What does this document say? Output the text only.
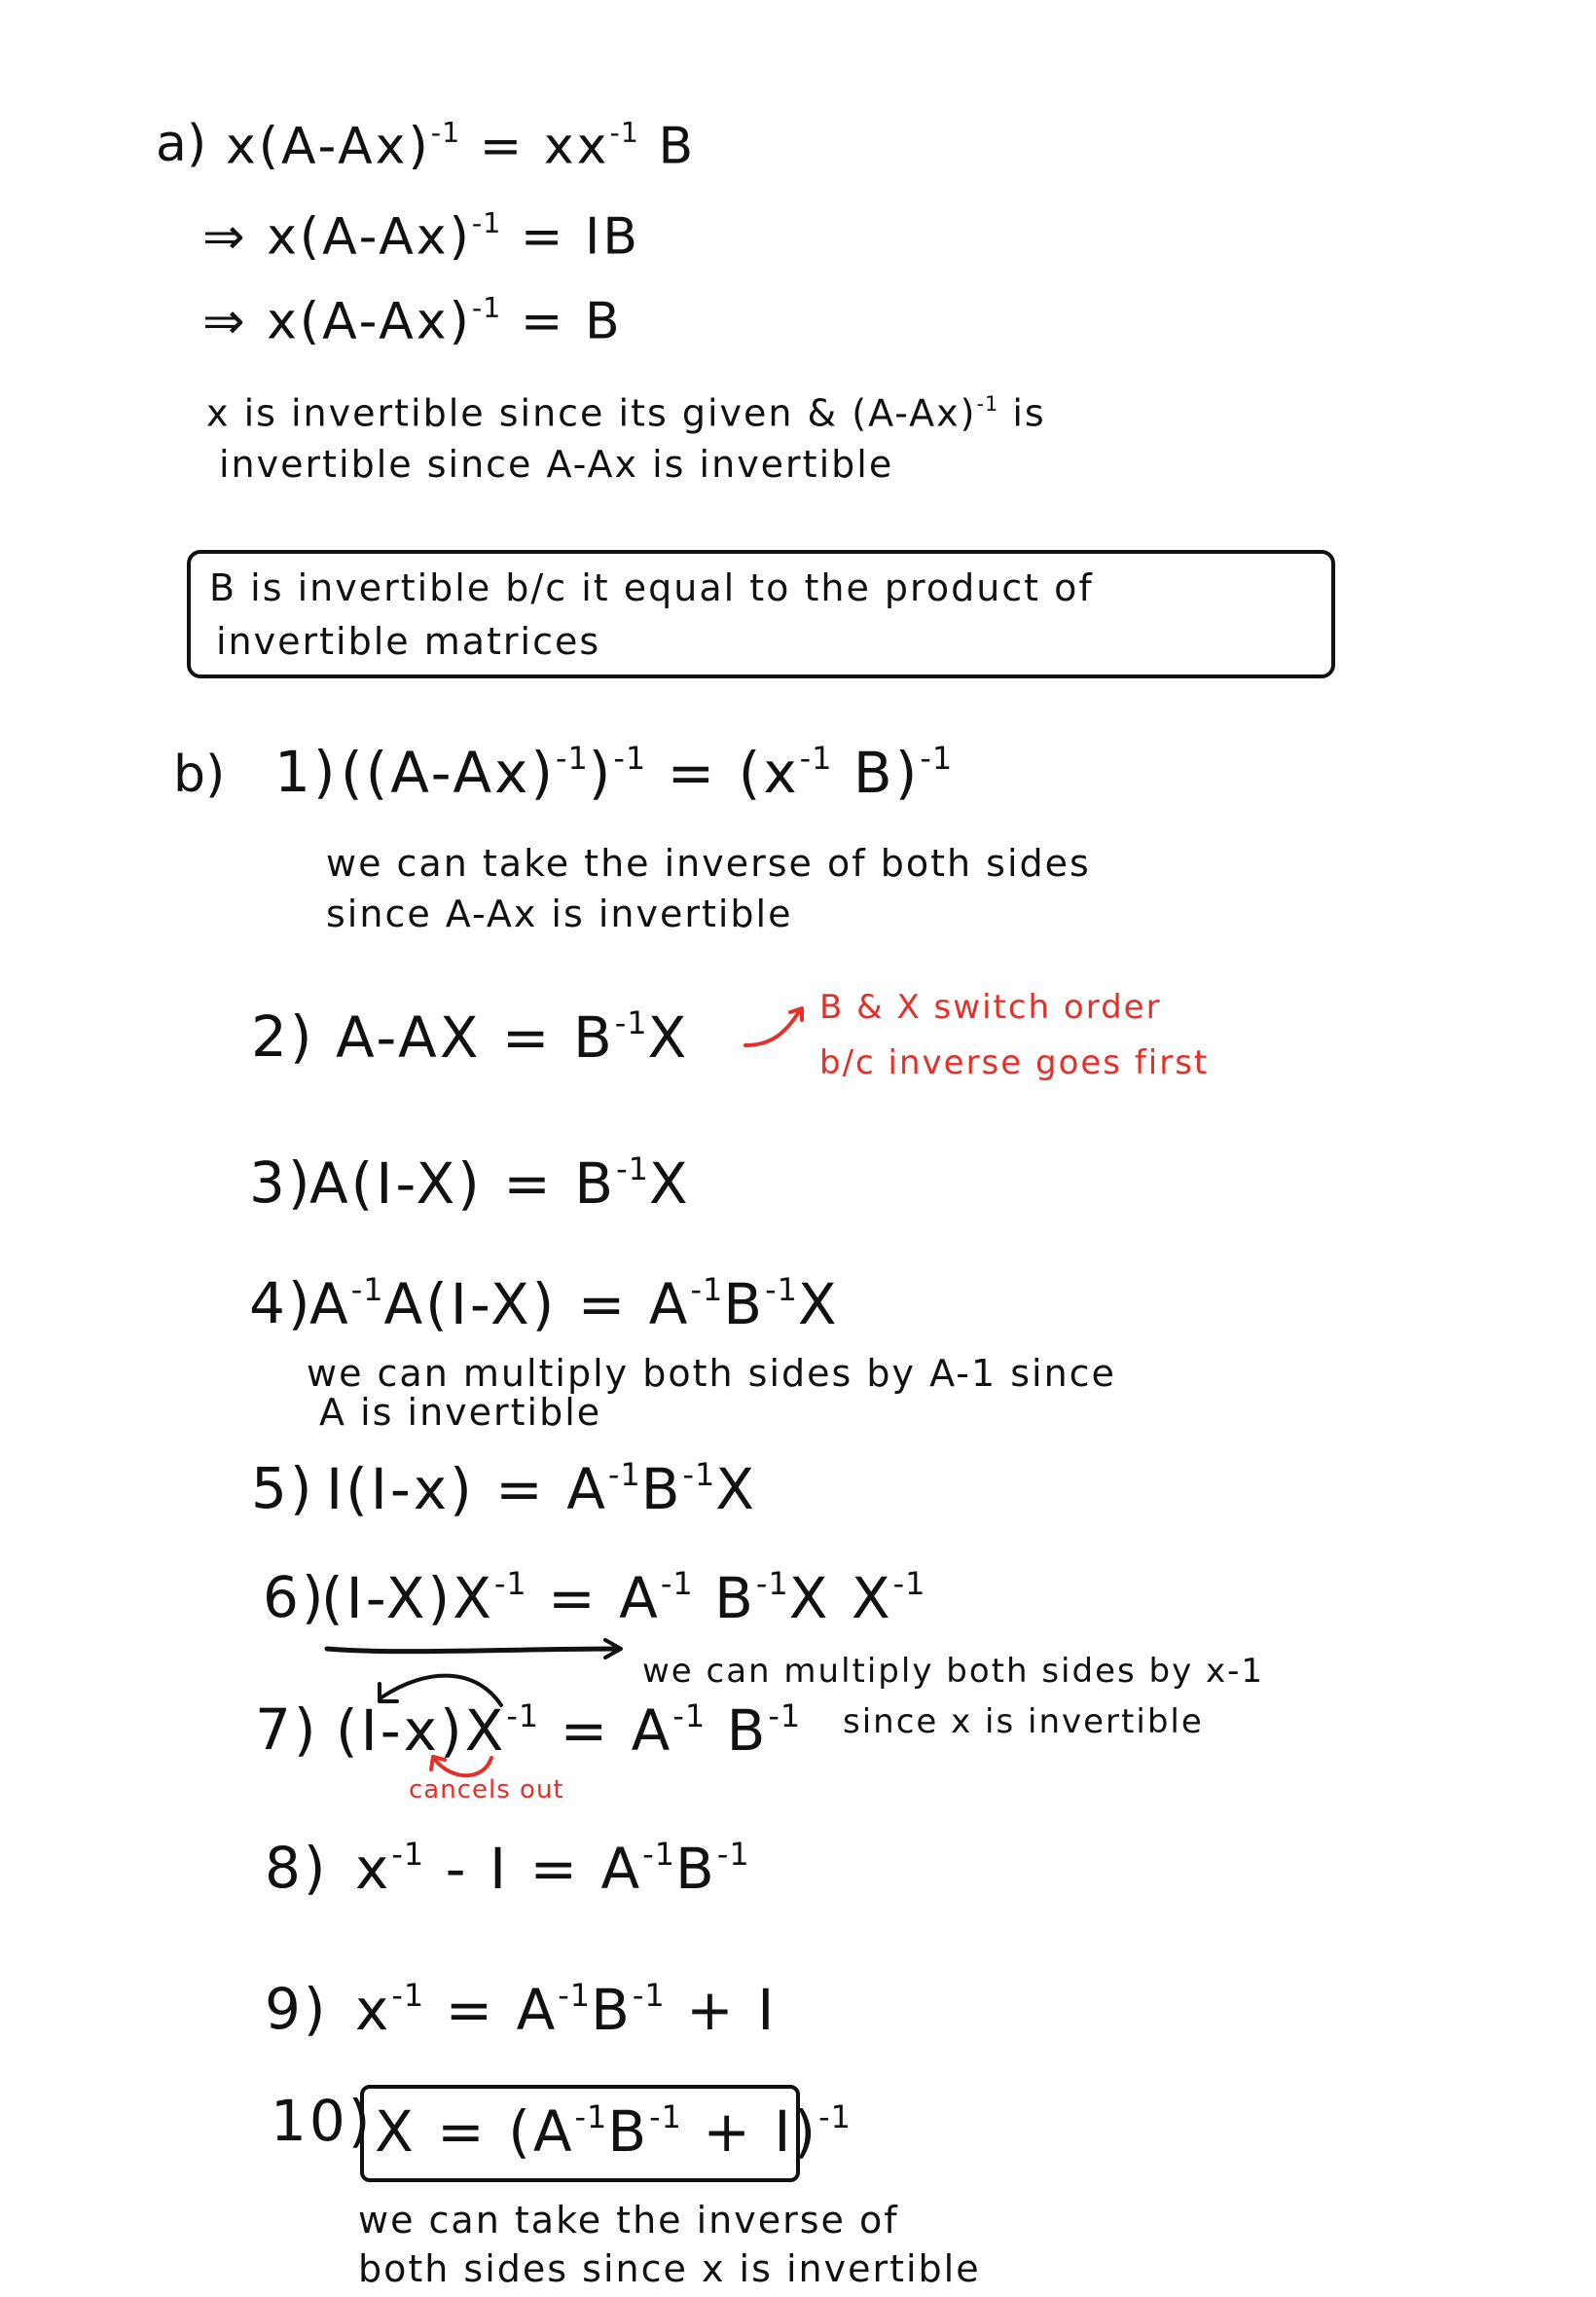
a) $x(A-Ax)^{-1} = xx^{-1}$ B
⇒ $x(A-Ax)^{-1}$ = IB
⇒ $x(A-Ax)^{-1} = B$
x is invertible since its given & $(A-Ax)^{-1}$ is
invertible since A-Ax is invertible
B is invertible b/c it equal to the product of
invertible matrices
b) 1) $((A-Ax)^{-1})^{-1} = (x^{-1}$ B)$^{-1}$
we can take the inverse of both sides
since A-Ax is invertible
2) $A-AX = B^{-1}X$	B & X switch order
b/c inverse goes first
3)
$A(I-X) = B^{-1}X$
4)
$A^{-1}A(I-X) = A^{-1}B^{-1}X$
we can multiply both sides by A-1 since
A is invertible
5) $I(I-x) = A^{-1}B^{-1}X$
6)
$(I-X)X^{-1} = A^{-1}$ $B^{-1}X$ $X^{-1}$
we can multiply both sides by x-1
since x is invertible
7) $(I-x)X^{-1} = A^{-1}$ $B^{-1}$
cancels out
8) $x^{-1} - I = A^{-1}B^{-1}$
9) $x^{-1} = A^{-1}B^{-1} + I$
10) $X = (A^{-1}B^{-1} + I)^{-1}$
we can take the inverse of
both sides since x is invertible
